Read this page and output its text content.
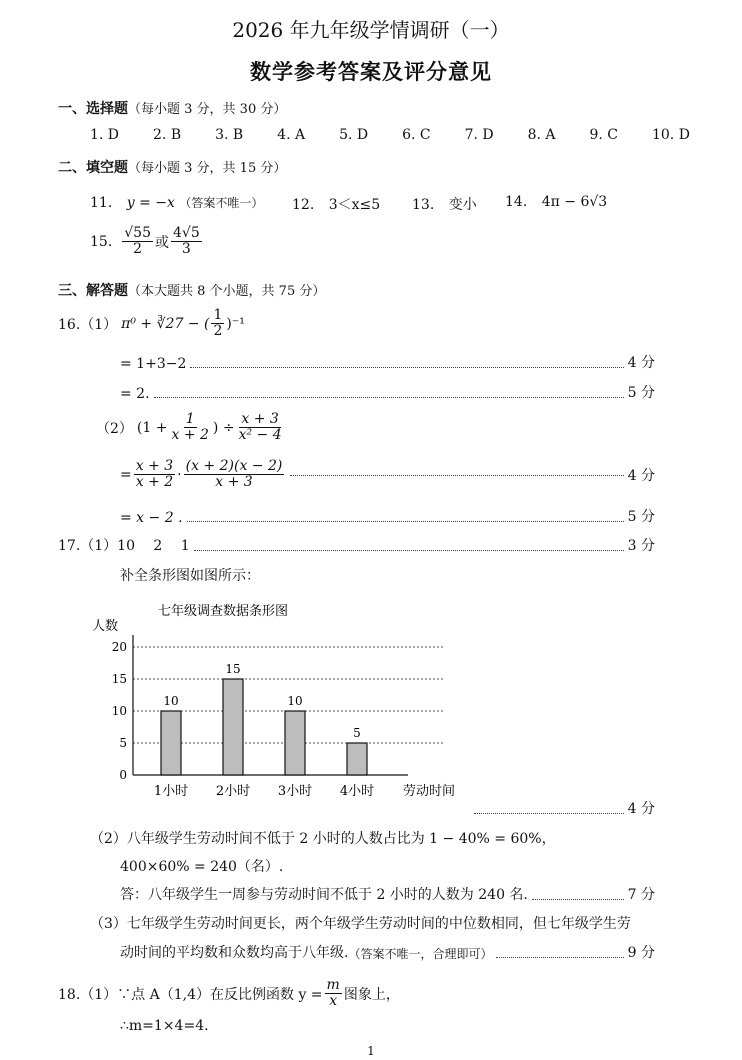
2026 年九年级学情调研（一）
数学参考答案及评分意见
一、选择题（每小题 3 分，共 30 分）
1. D 2. B 3. B 4. A 5. D 6. C 7. D 8. A 9. C 10. D
二、填空题（每小题 3 分，共 15 分）
11. y = −x （答案不唯一） 12. 3＜x≤5 13. 变小 14. 4π − 6√3
15. $\frac{√55}{2}$ 或 $\frac{4√5}{3}$
三、解答题（本大题共 8 个小题，共 75 分）
16.（1） π⁰ + ∛27 − ( $\frac{1}{2} )^{-1}$
= 1+3−2	4 分
= 2.	5 分
（2） ($1 + \frac{1}{x + 2}$ ) ÷ $\frac{x + 3}{\text{x² − 4}}$
= $\frac{x + 3}{x + 2} \cdot \frac{(x + 2)(x - 2)}{x + 3}$	4 分
= x − 2 .	5 分
17.（1）10　 2　 1	3 分
补全条形图如图所示：
七年级调查数据条形图
人数
0
5
10
15
20
10
1小时
15
2小时
10
3小时
5
4小时 劳动时间
4 分
（2）八年级学生劳动时间不低于 2 小时的人数占比为 1 − 40% = 60%，
400×60% = 240（名）.
答：八年级学生一周参与劳动时间不低于 2 小时的人数为 240 名.	7 分
（3）七年级学生劳动时间更长，两个年级学生劳动时间的中位数相同，但七年级学生劳
动时间的平均数和众数均高于八年级. （答案不唯一，合理即可）	9 分
18.（1）∵点 A（1,4）在反比例函数 $y = \frac{m}{x}$ 图象上，
∴m=1×4=4.
1
